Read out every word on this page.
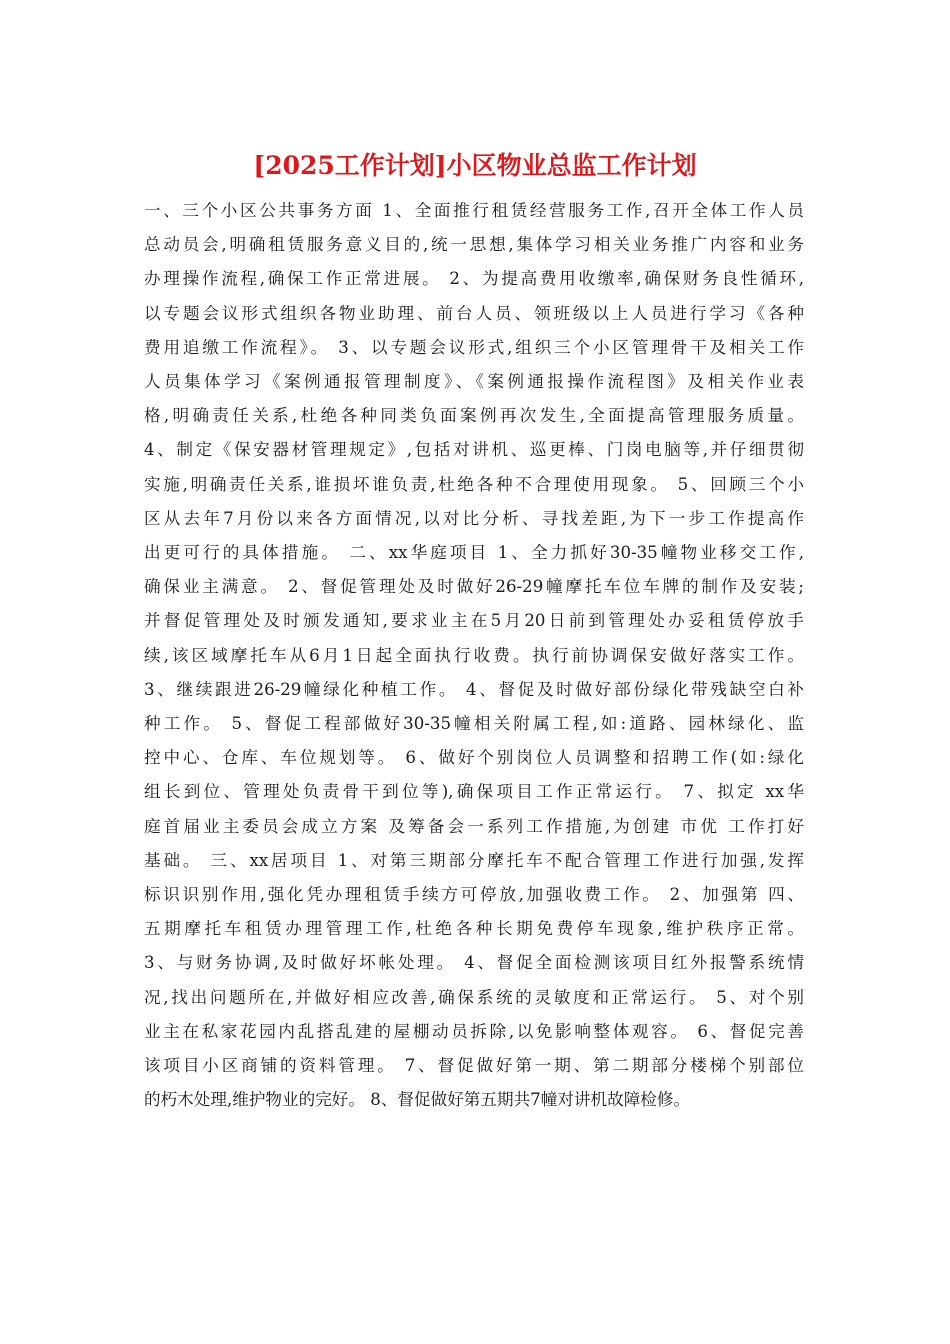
[2025工作计划]小区物业总监工作计划
一、三个小区公共事务方面 1、全面推行租赁经营服务工作,召开全体工作人员
总动员会,明确租赁服务意义目的,统一思想,集体学习相关业务推广内容和业务
办理操作流程,确保工作正常进展。 2、为提高费用收缴率,确保财务良性循环,
以专题会议形式组织各物业助理、前台人员、领班级以上人员进行学习《各种
费用追缴工作流程》。 3、以专题会议形式,组织三个小区管理骨干及相关工作
人员集体学习《案例通报管理制度》、《案例通报操作流程图》及相关作业表
格,明确责任关系,杜绝各种同类负面案例再次发生,全面提高管理服务质量。
4、制定《保安器材管理规定》,包括对讲机、巡更棒、门岗电脑等,并仔细贯彻
实施,明确责任关系,谁损坏谁负责,杜绝各种不合理使用现象。 5、回顾三个小
区从去年7月份以来各方面情况,以对比分析、寻找差距,为下一步工作提高作
出更可行的具体措施。 二、xx华庭项目 1、全力抓好30-35幢物业移交工作,
确保业主满意。 2、督促管理处及时做好26-29幢摩托车位车牌的制作及安装;
并督促管理处及时颁发通知,要求业主在5月20日前到管理处办妥租赁停放手
续,该区域摩托车从6月1日起全面执行收费。执行前协调保安做好落实工作。
3、继续跟进26-29幢绿化种植工作。 4、督促及时做好部份绿化带残缺空白补
种工作。 5、督促工程部做好30-35幢相关附属工程,如:道路、园林绿化、监
控中心、仓库、车位规划等。 6、做好个别岗位人员调整和招聘工作(如:绿化
组长到位、管理处负责骨干到位等),确保项目工作正常运行。 7、拟定 xx华
庭首届业主委员会成立方案 及筹备会一系列工作措施,为创建 市优 工作打好
基础。 三、xx居项目 1、对第三期部分摩托车不配合管理工作进行加强,发挥
标识识别作用,强化凭办理租赁手续方可停放,加强收费工作。 2、加强第 四、
五期摩托车租赁办理管理工作,杜绝各种长期免费停车现象,维护秩序正常。
3、与财务协调,及时做好坏帐处理。 4、督促全面检测该项目红外报警系统情
况,找出问题所在,并做好相应改善,确保系统的灵敏度和正常运行。 5、对个别
业主在私家花园内乱搭乱建的屋棚动员拆除,以免影响整体观容。 6、督促完善
该项目小区商铺的资料管理。 7、督促做好第一期、第二期部分楼梯个别部位
的朽木处理,维护物业的完好。 8、督促做好第五期共7幢对讲机故障检修。
